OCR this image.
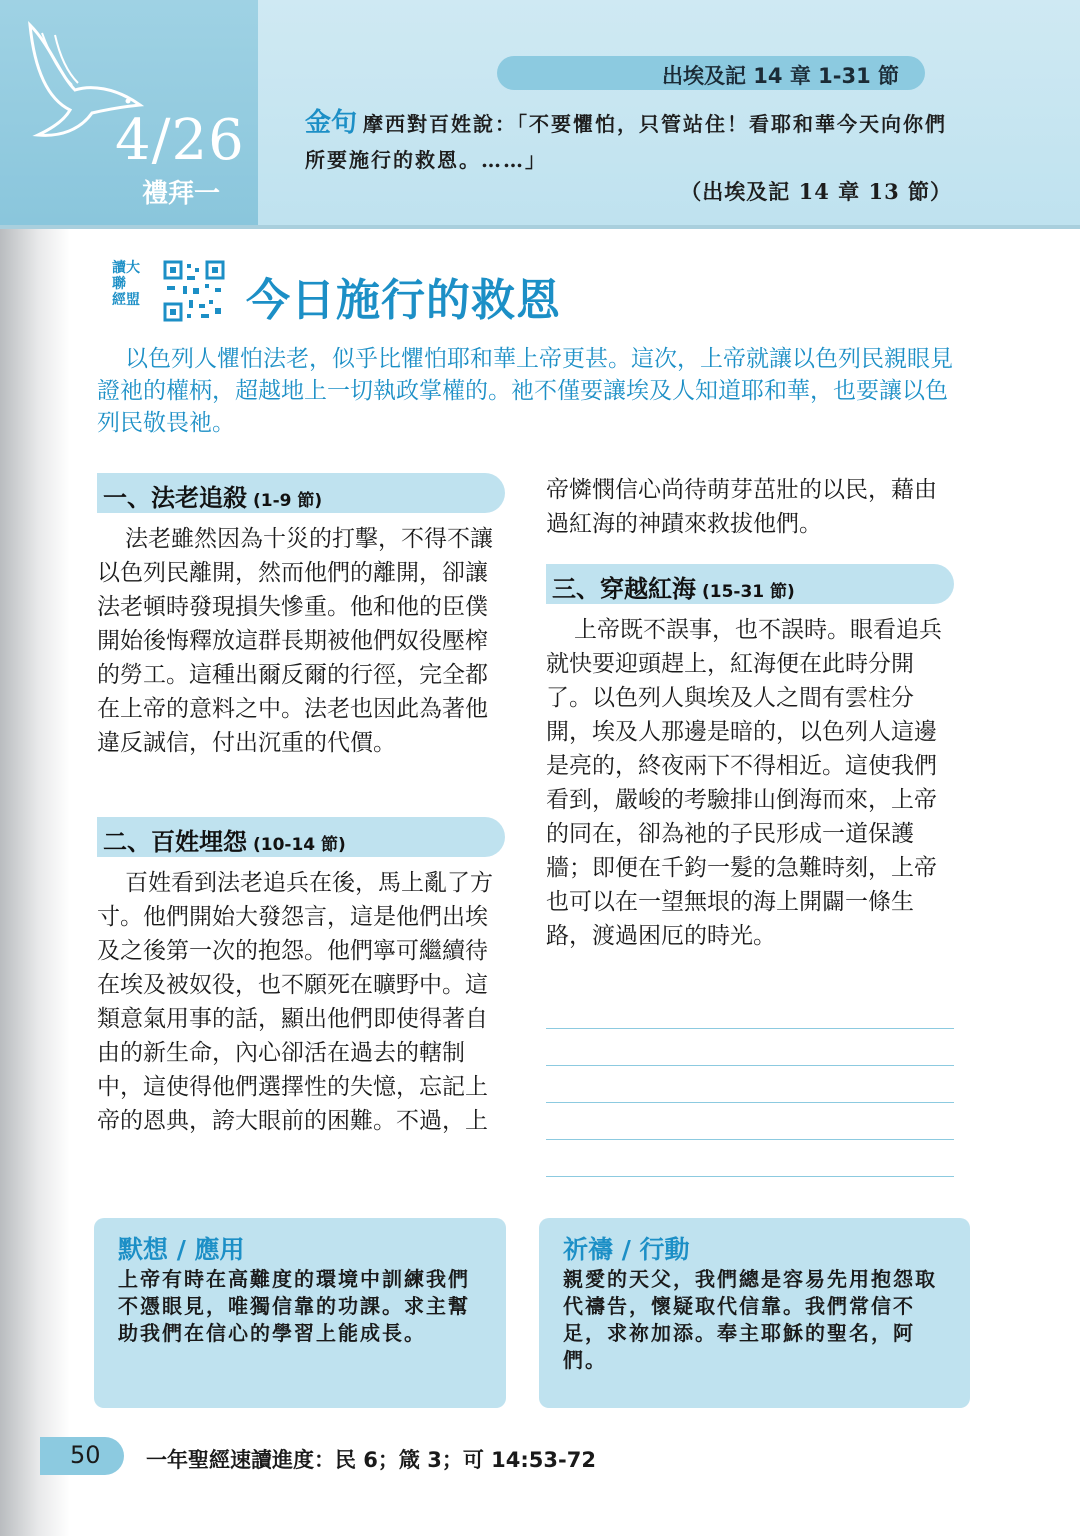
4/26
禮拜一
出埃及記 14 章 1-31 節
金句 摩西對百姓說：「不要懼怕，只管站住！看耶和華今天向你們所要施行的救恩。……」
（出埃及記 14 章 13 節）
讀大
聯
經盟	今日施行的救恩
以色列人懼怕法老，似乎比懼怕耶和華上帝更甚。這次，上帝就讓以色列民親眼見證祂的權柄，超越地上一切執政掌權的。祂不僅要讓埃及人知道耶和華，也要讓以色列民敬畏祂。
一、法老追殺 (1-9 節)
法老雖然因為十災的打擊，不得不讓以色列民離開，然而他們的離開，卻讓法老頓時發現損失慘重。他和他的臣僕開始後悔釋放這群長期被他們奴役壓榨的勞工。這種出爾反爾的行徑，完全都在上帝的意料之中。法老也因此為著他違反誠信，付出沉重的代價。
二、百姓埋怨 (10-14 節)
百姓看到法老追兵在後，馬上亂了方寸。他們開始大發怨言，這是他們出埃及之後第一次的抱怨。他們寧可繼續待在埃及被奴役，也不願死在曠野中。這類意氣用事的話，顯出他們即使得著自由的新生命，內心卻活在過去的轄制中，這使得他們選擇性的失憶，忘記上帝的恩典，誇大眼前的困難。不過，上
帝憐憫信心尚待萌芽茁壯的以民，藉由過紅海的神蹟來救拔他們。
三、穿越紅海 (15-31 節)
上帝既不誤事，也不誤時。眼看追兵就快要迎頭趕上，紅海便在此時分開了。以色列人與埃及人之間有雲柱分開，埃及人那邊是暗的，以色列人這邊是亮的，終夜兩下不得相近。這使我們看到，嚴峻的考驗排山倒海而來，上帝的同在，卻為祂的子民形成一道保護牆；即便在千鈞一髮的急難時刻，上帝也可以在一望無垠的海上開闢一條生路，渡過困厄的時光。
默想 / 應用
上帝有時在高難度的環境中訓練我們不憑眼見，唯獨信靠的功課。求主幫助我們在信心的學習上能成長。
祈禱 / 行動
親愛的天父，我們總是容易先用抱怨取代禱告，懷疑取代信靠。我們常信不足，求祢加添。奉主耶穌的聖名，阿們。
50 一年聖經速讀進度：民 6；箴 3；可 14:53-72
